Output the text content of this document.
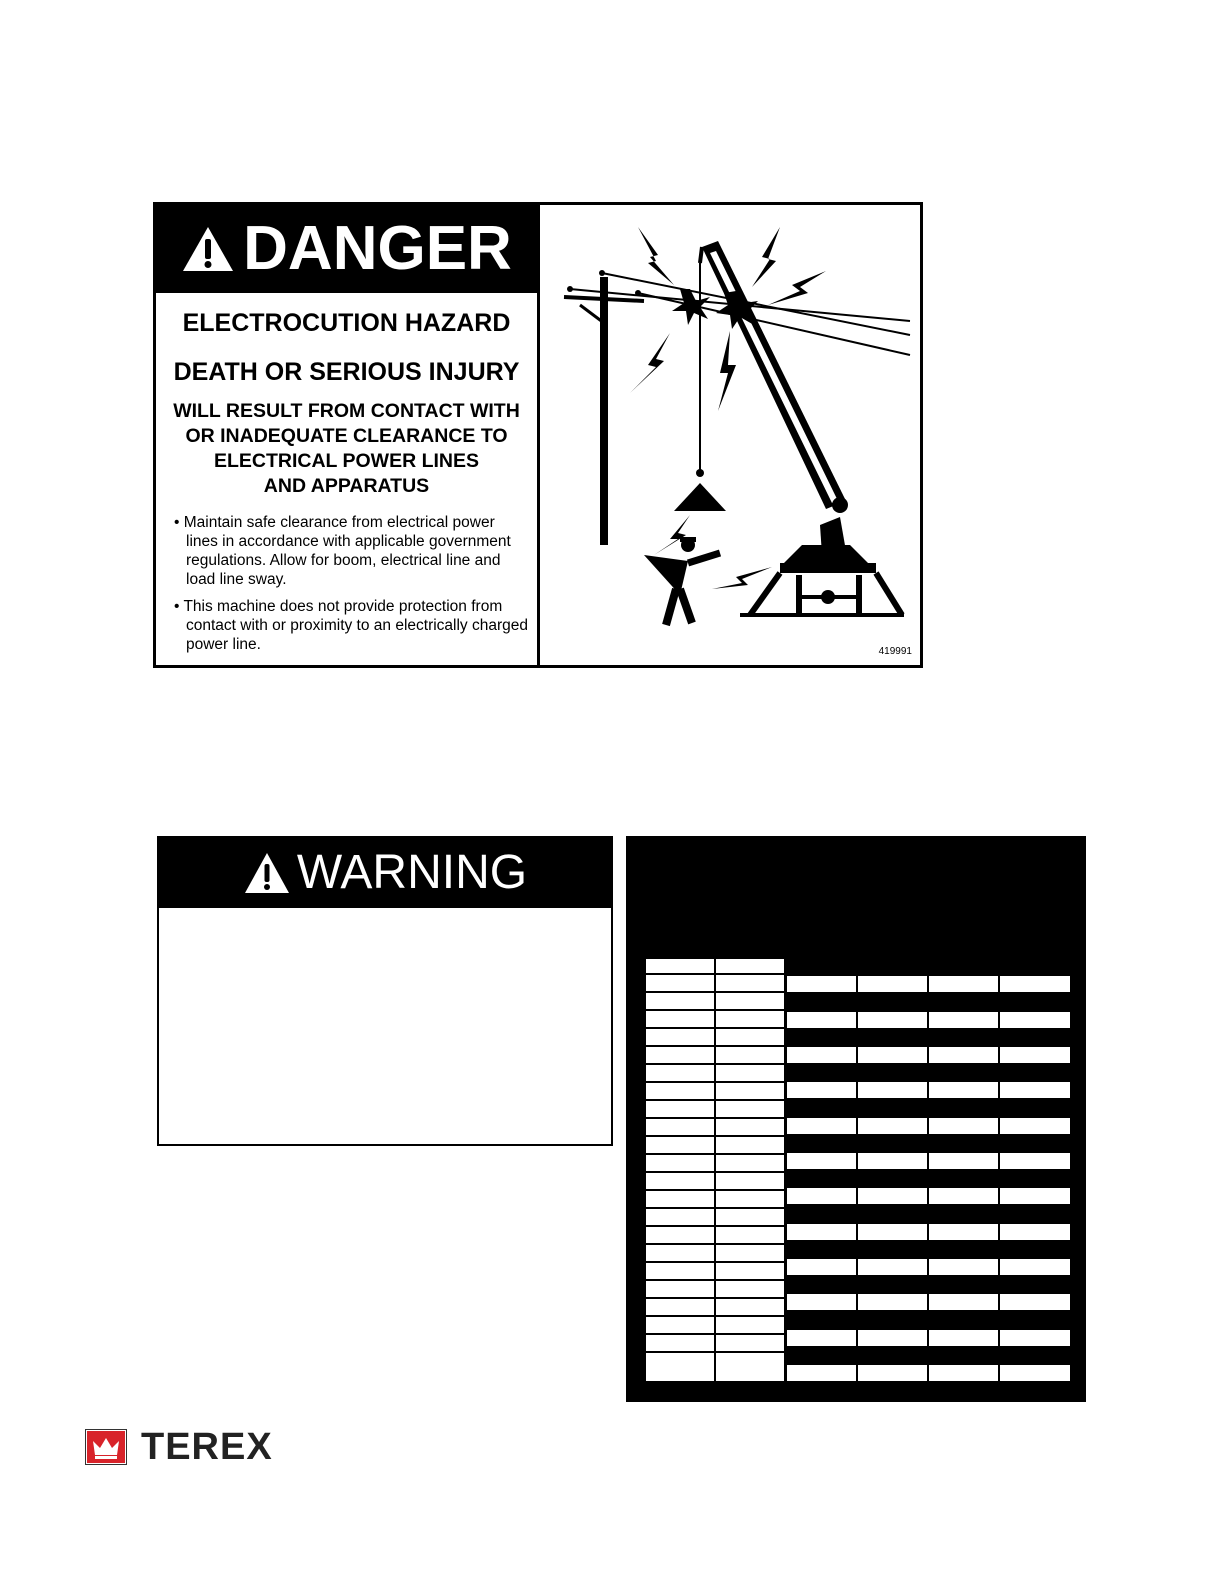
DANGER
ELECTROCUTION HAZARD
DEATH OR SERIOUS INJURY
WILL RESULT FROM CONTACT WITH
OR INADEQUATE CLEARANCE TO
ELECTRICAL POWER LINES
AND APPARATUS
• Maintain safe clearance from electrical power lines in accordance with applicable government regulations. Allow for boom, electrical line and load line sway.
• This machine does not provide protection from contact with or proximity to an electrically charged power line.	419991
WARNING
TEREX
